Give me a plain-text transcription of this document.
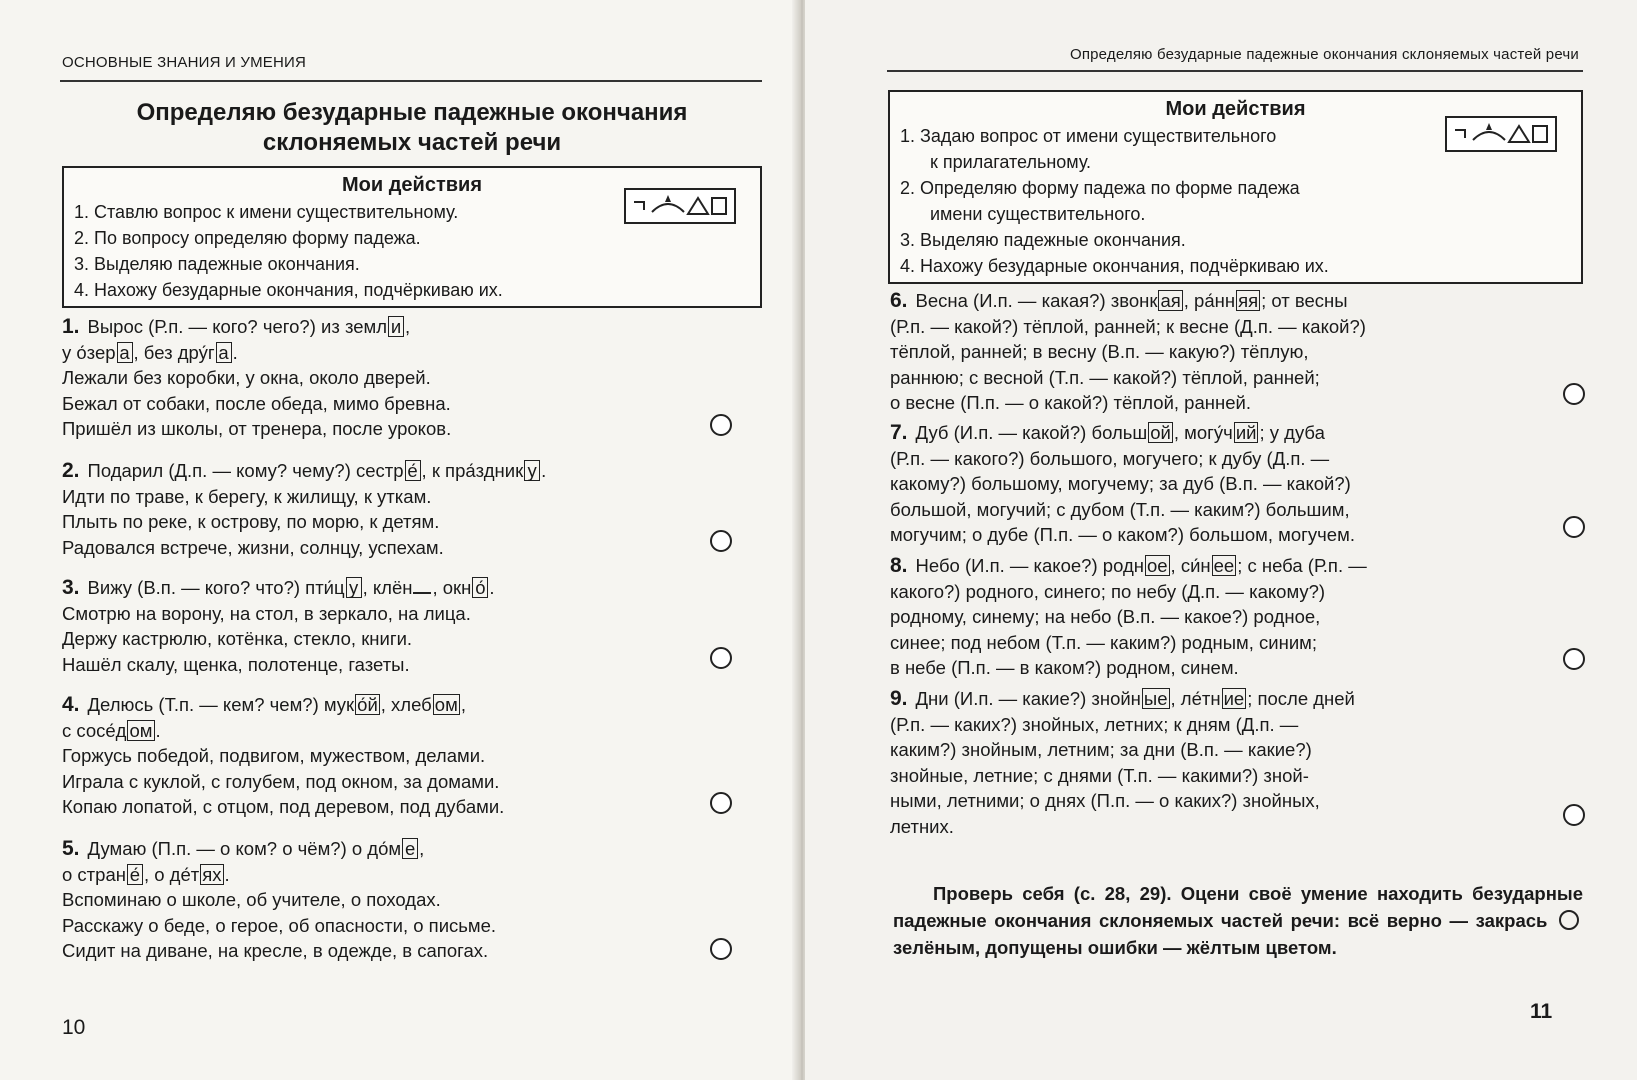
ОСНОВНЫЕ ЗНАНИЯ И УМЕНИЯ
Определяю безударные падежные окончания
склоняемых частей речи
Мои действия
1. Ставлю вопрос к имени существительному.
2. По вопросу определяю форму падежа.
3. Выделяю падежные окончания.
4. Нахожу безударные окончания, подчёркиваю их.
1. Вырос (Р.п. — кого? чего?) из земл и ,
у о́зер а , без дру́г а .
Лежали без коробки, у окна, около дверей.
Бежал от собаки, после обеда, мимо бревна.
Пришёл из школы, от тренера, после уроков.
2. Подарил (Д.п. — кому? чему?) сестр е́ , к пра́здник у .
Идти по траве, к берегу, к жилищу, к уткам.
Плыть по реке, к острову, по морю, к детям.
Радовался встрече, жизни, солнцу, успехам.
3. Вижу (В.п. — кого? что?) пти́ц у , клён , окн о́ .
Смотрю на ворону, на стол, в зеркало, на лица.
Держу кастрюлю, котёнка, стекло, книги.
Нашёл скалу, щенка, полотенце, газеты.
4. Делюсь (Т.п. — кем? чем?) мук о́й , хлеб ом ,
с сосе́д ом .
Горжусь победой, подвигом, мужеством, делами.
Играла с куклой, с голубем, под окном, за домами.
Копаю лопатой, с отцом, под деревом, под дубами.
5. Думаю (П.п. — о ком? о чём?) о до́м е ,
о стран е́ , о де́т ях .
Вспоминаю о школе, об учителе, о походах.
Расскажу о беде, о герое, об опасности, о письме.
Сидит на диване, на кресле, в одежде, в сапогах.
10
Определяю безударные падежные окончания склоняемых частей речи
Мои действия
1. Задаю вопрос от имени существительного
к прилагательному.
2. Определяю форму падежа по форме падежа
имени существительного.
3. Выделяю падежные окончания.
4. Нахожу безударные окончания, подчёркиваю их.
6. Весна (И.п. — какая?) звонк ая , ра́нн яя ; от весны
(Р.п. — какой?) тёплой, ранней; к весне (Д.п. — какой?)
тёплой, ранней; в весну (В.п. — какую?) тёплую,
раннюю; с весной (Т.п. — какой?) тёплой, ранней;
о весне (П.п. — о какой?) тёплой, ранней.
7. Дуб (И.п. — какой?) больш ой , могу́ч ий ; у дуба
(Р.п. — какого?) большого, могучего; к дубу (Д.п. —
какому?) большому, могучему; за дуб (В.п. — какой?)
большой, могучий; с дубом (Т.п. — каким?) большим,
могучим; о дубе (П.п. — о каком?) большом, могучем.
8. Небо (И.п. — какое?) родн ое , си́н ее ; с неба (Р.п. —
какого?) родного, синего; по небу (Д.п. — какому?)
родному, синему; на небо (В.п. — какое?) родное,
синее; под небом (Т.п. — каким?) родным, синим;
в небе (П.п. — в каком?) родном, синем.
9. Дни (И.п. — какие?) знойн ые , ле́тн ие ; после дней
(Р.п. — каких?) знойных, летних; к дням (Д.п. —
каким?) знойным, летним; за дни (В.п. — какие?)
знойные, летние; с днями (Т.п. — какими?) зной-
ными, летними; о днях (П.п. — о каких?) знойных,
летних.
Проверь себя (с. 28, 29). Оцени своё умение находить безударные падежные окончания склоняемых частей речи: всё верно — закрась  зелёным, допущены ошибки — жёлтым цветом.
11
